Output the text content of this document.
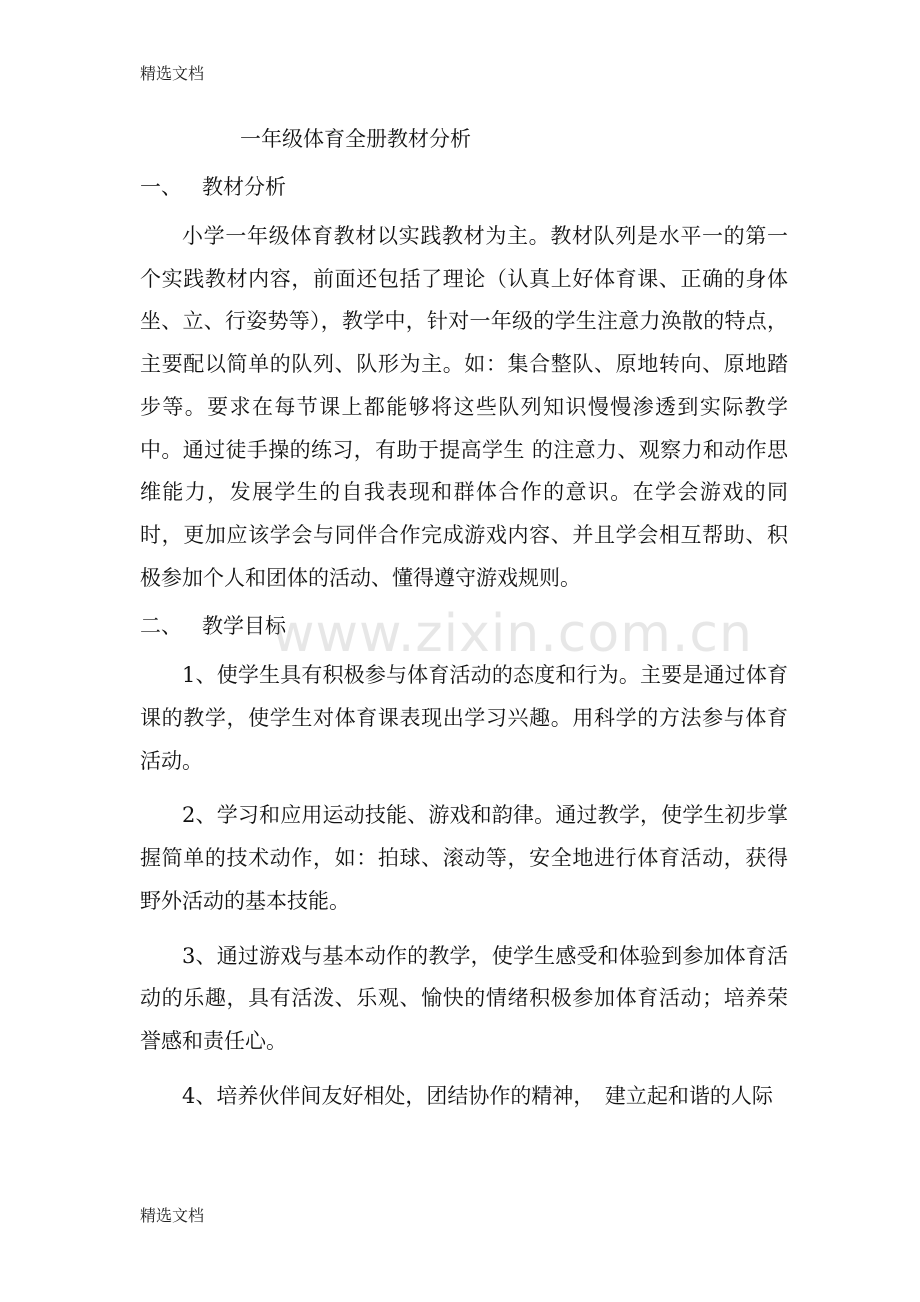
精选文档
一年级体育全册教材分析
一、 教材分析

小学一年级体育教材以实践教材为主。教材队列是水平一的第一个实践教材内容，前面还包括了理论（认真上好体育课、正确的身体坐、立、行姿势等），教学中，针对一年级的学生注意力涣散的特点，主要配以简单的队列、队形为主。如：集合整队、原地转向、原地踏步等。要求在每节课上都能够将这些队列知识慢慢渗透到实际教学中。通过徒手操的练习，有助于提高学生 的注意力、观察力和动作思维能力，发展学生的自我表现和群体合作的意识。在学会游戏的同时，更加应该学会与同伴合作完成游戏内容、并且学会相互帮助、积极参加个人和团体的活动、懂得遵守游戏规则。

二、 教学目标

1、使学生具有积极参与体育活动的态度和行为。主要是通过体育课的教学，使学生对体育课表现出学习兴趣。用科学的方法参与体育活动。

2、学习和应用运动技能、游戏和韵律。通过教学，使学生初步掌握简单的技术动作，如：拍球、滚动等，安全地进行体育活动，获得野外活动的基本技能。

3、通过游戏与基本动作的教学，使学生感受和体验到参加体育活动的乐趣，具有活泼、乐观、愉快的情绪积极参加体育活动；培养荣誉感和责任心。

4、培养伙伴间友好相处，团结协作的精神，　建立起和谐的人际

www.zixin.com.cn
精选文档
